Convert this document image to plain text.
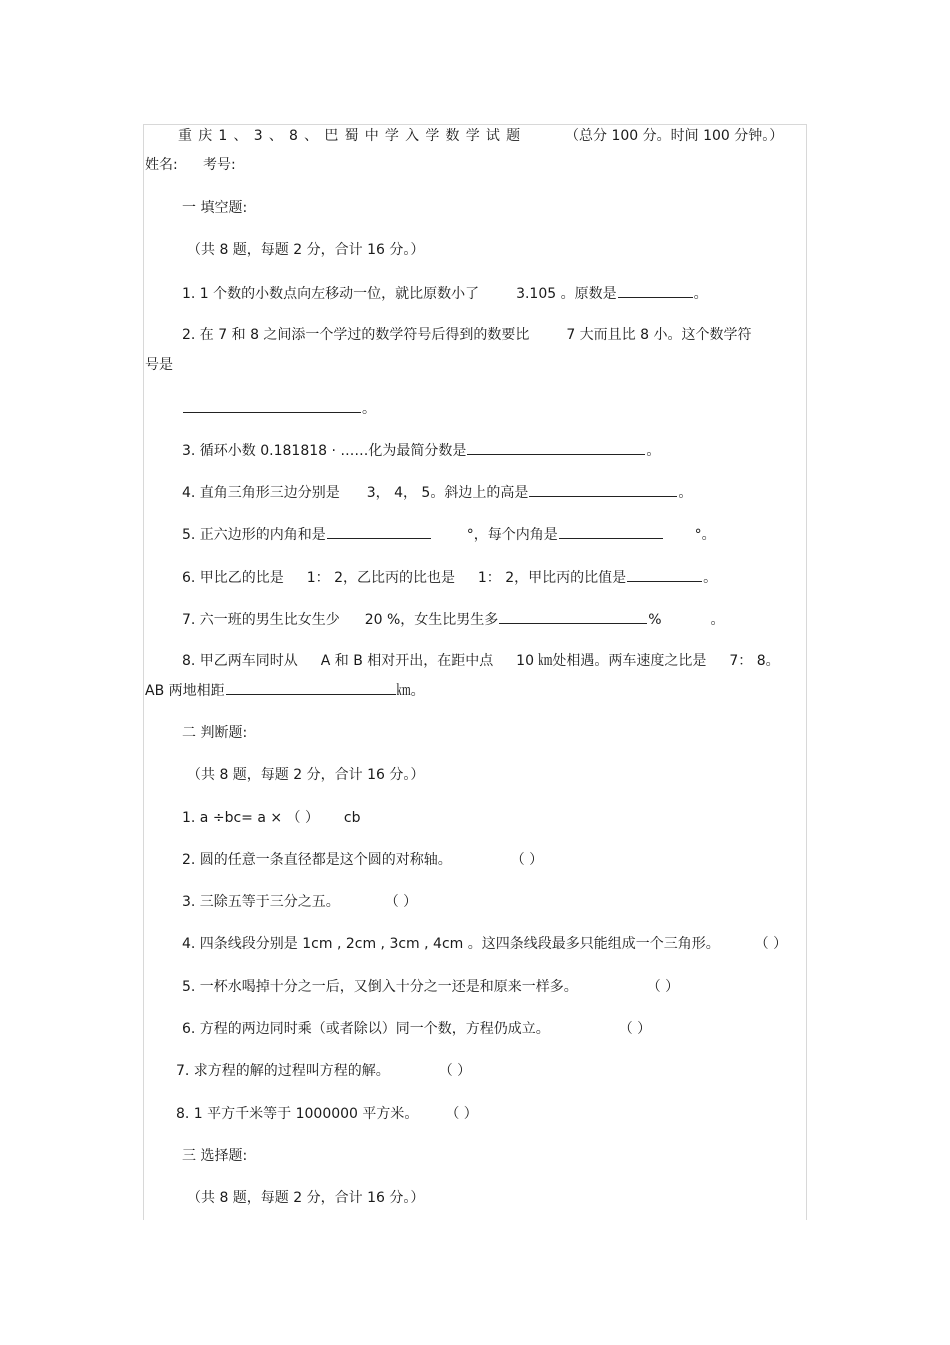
重庆1、3、8、巴蜀中学入学数学试题	（总分 100 分。时间 100 分钟。）
姓名: 考号:
一 填空题:
（共 8 题，每题 2 分，合计 16 分。）
1. 1 个数的小数点向左移动一位，就比原数小了	3.105 。原数是	。
2. 在 7 和 8 之间添一个学过的数学符号后得到的数要比	7 大而且比 8 小。这个数学符
号是
。
3. 循环小数 0.181818 · ……化为最简分数是	。
4. 直角三角形三边分别是 3， 4， 5。斜边上的高是	。
5. 正六边形的内角和是	°，每个内角是	°。
6. 甲比乙的比是 1： 2，乙比丙的比也是 1： 2，甲比丙的比值是	。
7. 六一班的男生比女生少 20 %，女生比男生多	%	。
8. 甲乙两车同时从 A 和 B 相对开出，在距中点 10 ㎞处相遇。两车速度之比是 7： 8。
AB 两地相距	㎞。
二 判断题:
（共 8 题，每题 2 分，合计 16 分。）
1. a ÷bc= a × （ ） cb
2. 圆的任意一条直径都是这个圆的对称轴。	（ ）
3. 三除五等于三分之五。	（ ）
4. 四条线段分别是 1cm , 2cm , 3cm , 4cm 。这四条线段最多只能组成一个三角形。 （ ）
5. 一杯水喝掉十分之一后，又倒入十分之一还是和原来一样多。	（ ）
6. 方程的两边同时乘（或者除以）同一个数，方程仍成立。	（ ）
7. 求方程的解的过程叫方程的解。	（ ）
8. 1 平方千米等于 1000000 平方米。 （ ）
三 选择题:
（共 8 题，每题 2 分，合计 16 分。）
